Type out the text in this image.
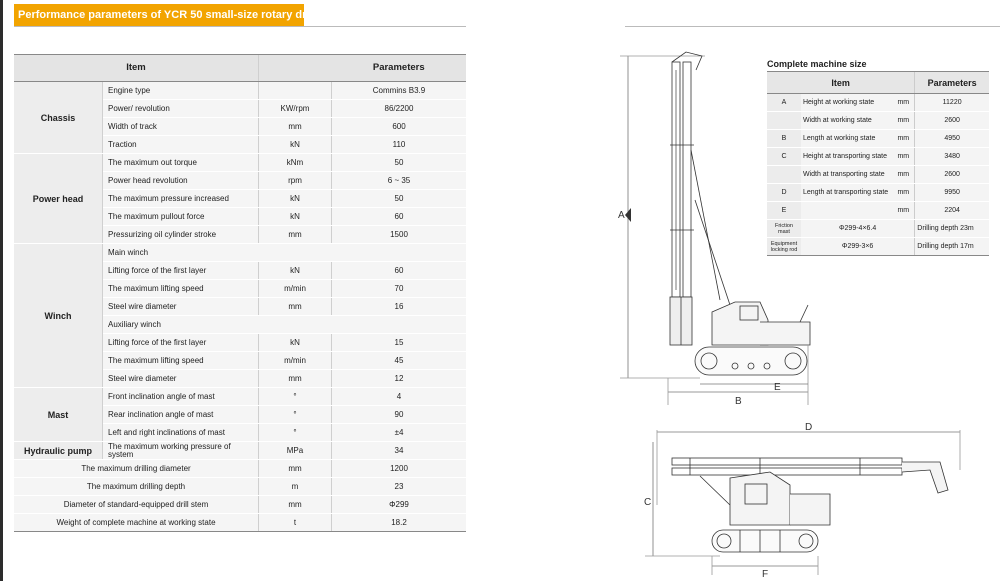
Performance parameters of YCR 50 small-size rotary drilling rig
Item			Parameters
Chassis	Engine type		Commins B3.9
	Power/ revolution	KW/rpm	86/2200
	Width of track	mm	600
	Traction	kN	110
Power head	The maximum out torque	kNm	50
	Power head revolution	rpm	6 ~ 35
	The maximum pressure increased	kN	50
	The maximum pullout force	kN	60
	Pressurizing oil cylinder stroke	mm	1500
Winch	Main winch		
	Lifting force of the first layer	kN	60
	The maximum lifting speed	m/min	70
	Steel wire diameter	mm	16
	Auxiliary winch		
	Lifting force of the first layer	kN	15
	The maximum lifting speed	m/min	45
	Steel wire diameter	mm	12
Mast	Front inclination angle of mast	°	4
	Rear inclination angle of mast	°	90
	Left and right inclinations of mast	°	±4
Hydraulic pump	The maximum working pressure of system	MPa	34
The maximum drilling diameter		mm	1200
The maximum drilling depth		m	23
Diameter of standard-equipped drill stem		mm	Φ299
Weight of complete machine at working state		t	18.2
Complete machine size
Item			Parameters
A	Height at working state	mm	11220
	Width at working state	mm	2600
B	Length at working state	mm	4950
C	Height at transporting state	mm	3480
	Width at transporting state	mm	2600
D	Length at transporting state	mm	9950
E		mm	2204
Friction mast	Φ299-4×6.4		Drilling depth 23m
Equipment locking rod	Φ299-3×6		Drilling depth 17m
A
B
E
D
C
F
